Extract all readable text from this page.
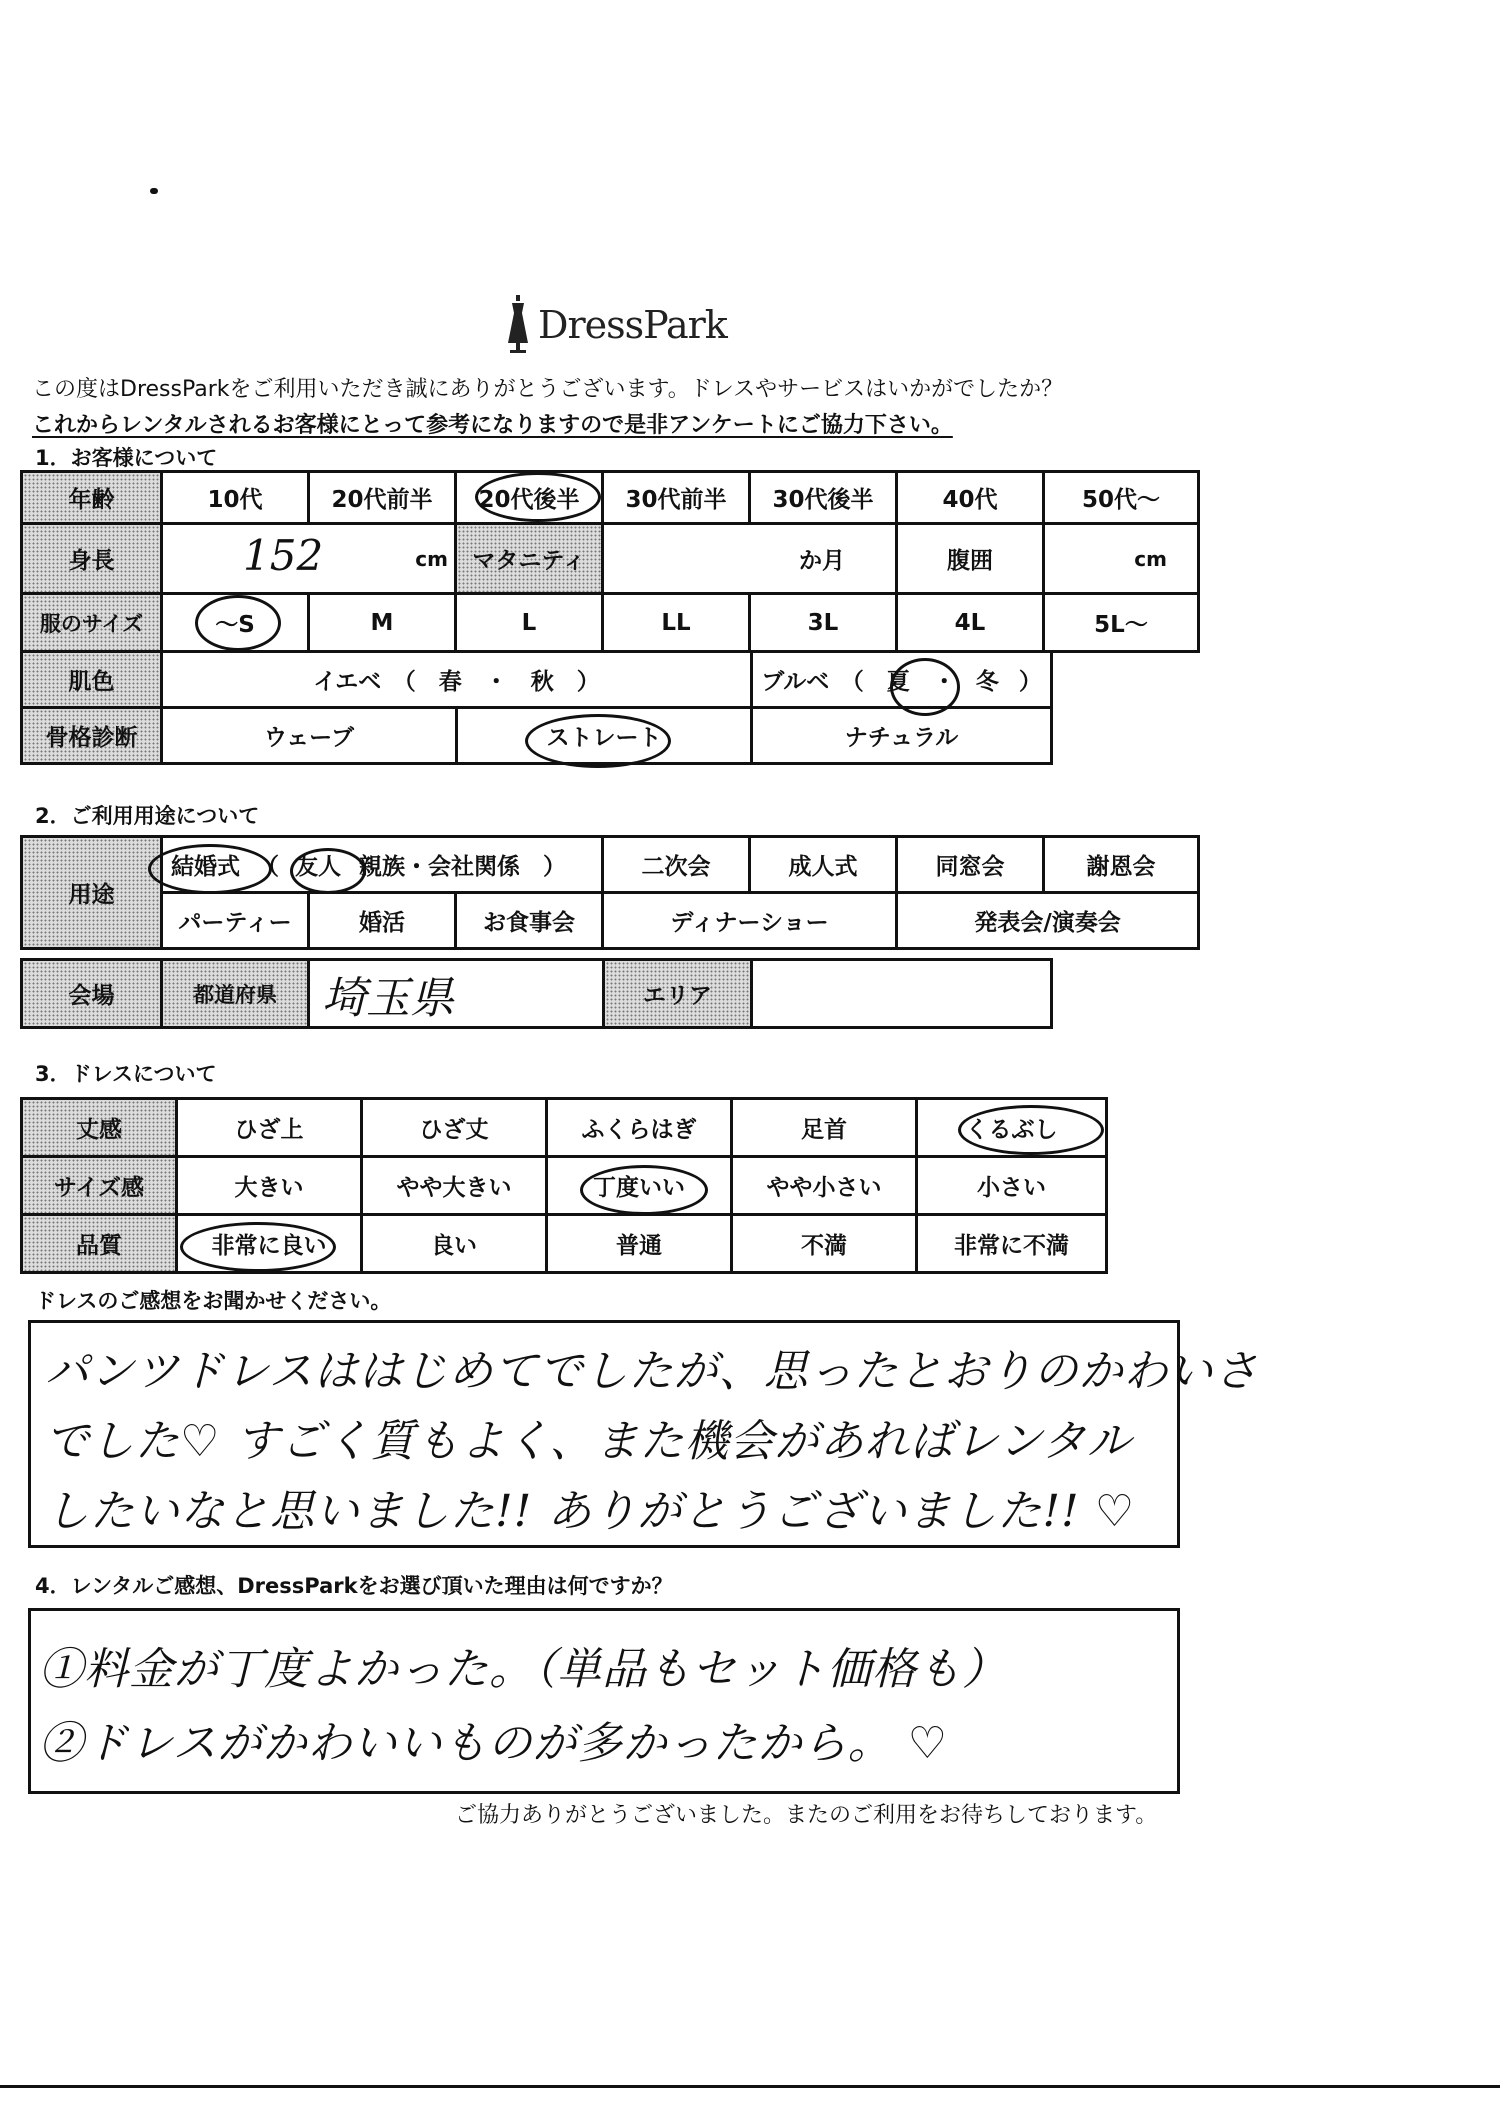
DressPark
この度はDressParkをご利用いただき誠にありがとうございます。ドレスやサービスはいかがでしたか？
これからレンタルされるお客様にとって参考になりますので是非アンケートにご協力下さい。
1．お客様について
年齢	10代	20代前半	20代後半	30代前半	30代後半	40代	50代～
身長	152 cm		マタニティ	か月		腹囲	cm
服のサイズ	～S	M	L	LL	3L	4L	5L～
肌色	イエベ　（　春　・　秋　）		ブルベ　（　夏　・ 冬 ）
骨格診断	ウェーブ	ストレート	ナチュラル
2．ご利用用途について
用途	結婚式 （ 友人 親族・会社関係　）			二次会	成人式	同窓会	謝恩会
	パーティー	婚活	お食事会	ディナーショー		発表会/演奏会	
会場	都道府県	埼玉県	エリア	
3．ドレスについて
丈感	ひざ上	ひざ丈	ふくらはぎ	足首	くるぶし
サイズ感	大きい	やや大きい	丁度いい	やや小さい	小さい
品質	非常に良い	良い	普通	不満	非常に不満
ドレスのご感想をお聞かせください。
パンツドレスははじめてでしたが、思ったとおりのかわいさ
でした♡ すごく質もよく、また機会があればレンタル
したいなと思いました!! ありがとうございました!! ♡
4．レンタルご感想、DressParkをお選び頂いた理由は何ですか？
①料金が丁度よかった。（単品もセット価格も）
②ドレスがかわいいものが多かったから。 ♡
ご協力ありがとうございました。またのご利用をお待ちしております。
